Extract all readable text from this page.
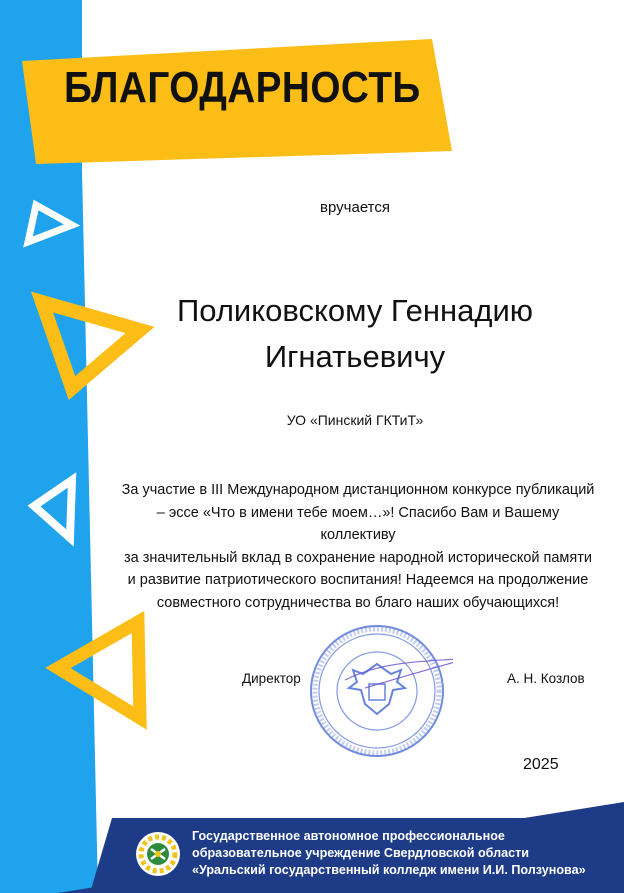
БЛАГОДАРНОСТЬ
вручается
Поликовскому Геннадию
Игнатьевичу
УО «Пинский ГКТиТ»
За участие в III Международном дистанционном конкурсе публикаций
– эссе «Что в имени тебе моем…»! Спасибо Вам и Вашему коллективу
за значительный вклад в сохранение народной исторической памяти
и развитие патриотического воспитания! Надеемся на продолжение
совместного сотрудничества во благо наших обучающихся!
Директор	А. Н. Козлов
2025
Государственное автономное профессиональное
образовательное учреждение Свердловской области
«Уральский государственный колледж имени И.И. Ползунова»
